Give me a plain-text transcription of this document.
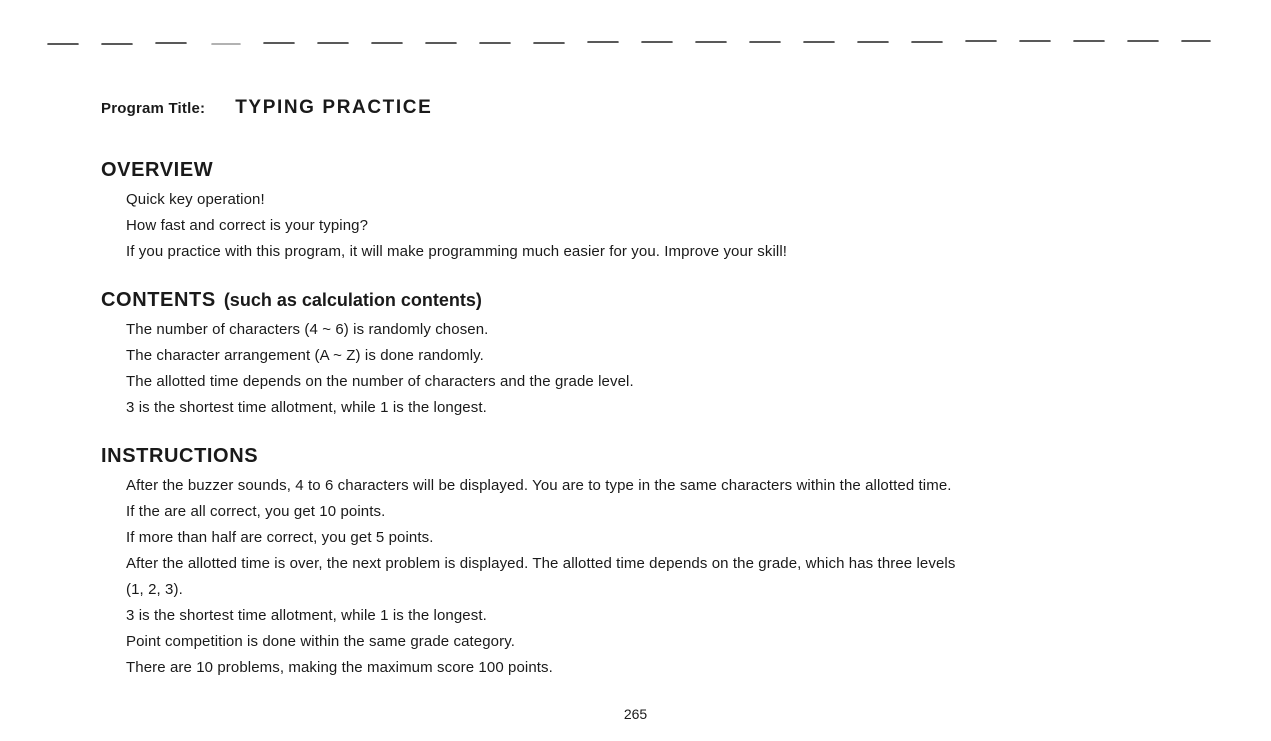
Program Title: TYPING PRACTICE
OVERVIEW
Quick key operation!
How fast and correct is your typing?
If you practice with this program, it will make programming much easier for you. Improve your skill!
CONTENTS (such as calculation contents)
The number of characters (4 ~ 6) is randomly chosen.
The character arrangement (A ~ Z) is done randomly.
The allotted time depends on the number of characters and the grade level.
3 is the shortest time allotment, while 1 is the longest.
INSTRUCTIONS
After the buzzer sounds, 4 to 6 characters will be displayed. You are to type in the same characters within the allotted time.
If the are all correct, you get 10 points.
If more than half are correct, you get 5 points.
After the allotted time is over, the next problem is displayed. The allotted time depends on the grade, which has three levels
(1, 2, 3).
3 is the shortest time allotment, while 1 is the longest.
Point competition is done within the same grade category.
There are 10 problems, making the maximum score 100 points.
265
